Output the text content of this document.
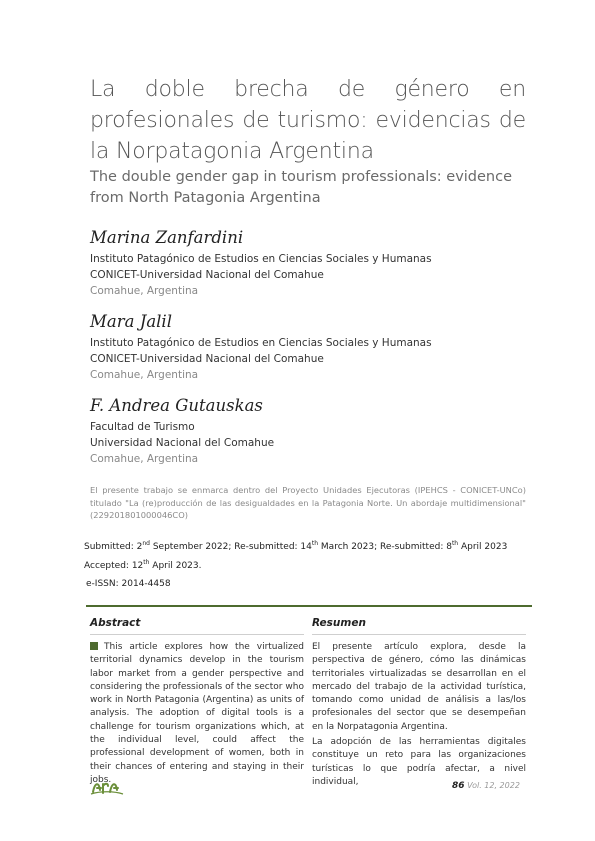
La doble brecha de género en profesionales de turismo: evidencias de la Norpatagonia Argentina

The double gender gap in tourism professionals: evidence from North Patagonia Argentina

Marina Zanfardini

Instituto Patagónico de Estudios en Ciencias Sociales y Humanas

CONICET-Universidad Nacional del Comahue

Comahue, Argentina

Mara Jalil

Instituto Patagónico de Estudios en Ciencias Sociales y Humanas

CONICET-Universidad Nacional del Comahue

Comahue, Argentina

F. Andrea Gutauskas

Facultad de Turismo

Universidad Nacional del Comahue

Comahue, Argentina

El presente trabajo se enmarca dentro del Proyecto Unidades Ejecutoras (IPEHCS - CONICET-UNCo) titulado "La (re)producción de las desigualdades en la Patagonia Norte. Un abordaje multidimensional" (229201801000046CO)

Submitted: 2nd September 2022; Re-submitted: 14th March 2023; Re-submitted: 8th April 2023

Accepted: 12th April 2023.

e-ISSN: 2014-4458

Abstract

This article explores how the virtualized territorial dynamics develop in the tourism labor market from a gender perspective and considering the professionals of the sector who work in North Patagonia (Argentina) as units of analysis. The adoption of digital tools is a challenge for tourism organizations which, at the individual level, could affect the professional development of women, both in their chances of entering and staying in their jobs.

Resumen

El presente artículo explora, desde la perspectiva de género, cómo las dinámicas territoriales virtualizadas se desarrollan en el mercado del trabajo de la actividad turística, tomando como unidad de análisis a las/los profesionales del sector que se desempeñan en la Norpatagonia Argentina.

La adopción de las herramientas digitales constituye un reto para las organizaciones turísticas lo que podría afectar, a nivel individual,	86 Vol. 12, 2022
